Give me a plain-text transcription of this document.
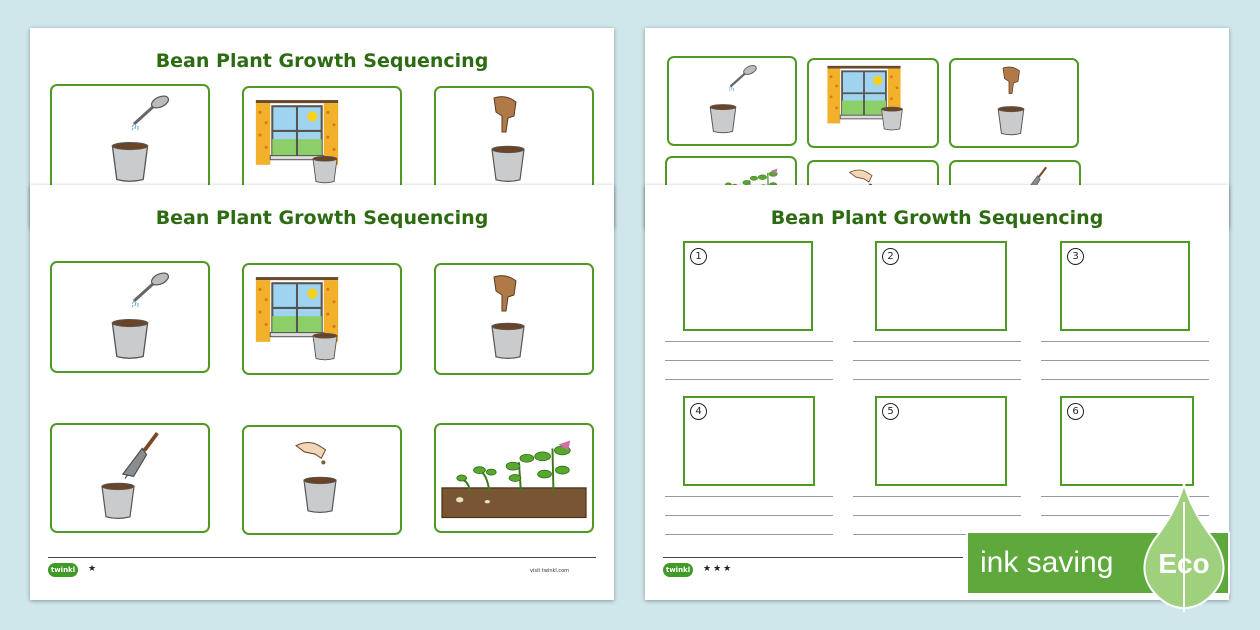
Bean Plant Growth Sequencing
Bean Plant Growth Sequencing
twinkl	★	visit twinkl.com
Bean Plant Growth Sequencing
1	2	3
4	5	6
twinkl	★★★	ink saving Eco
